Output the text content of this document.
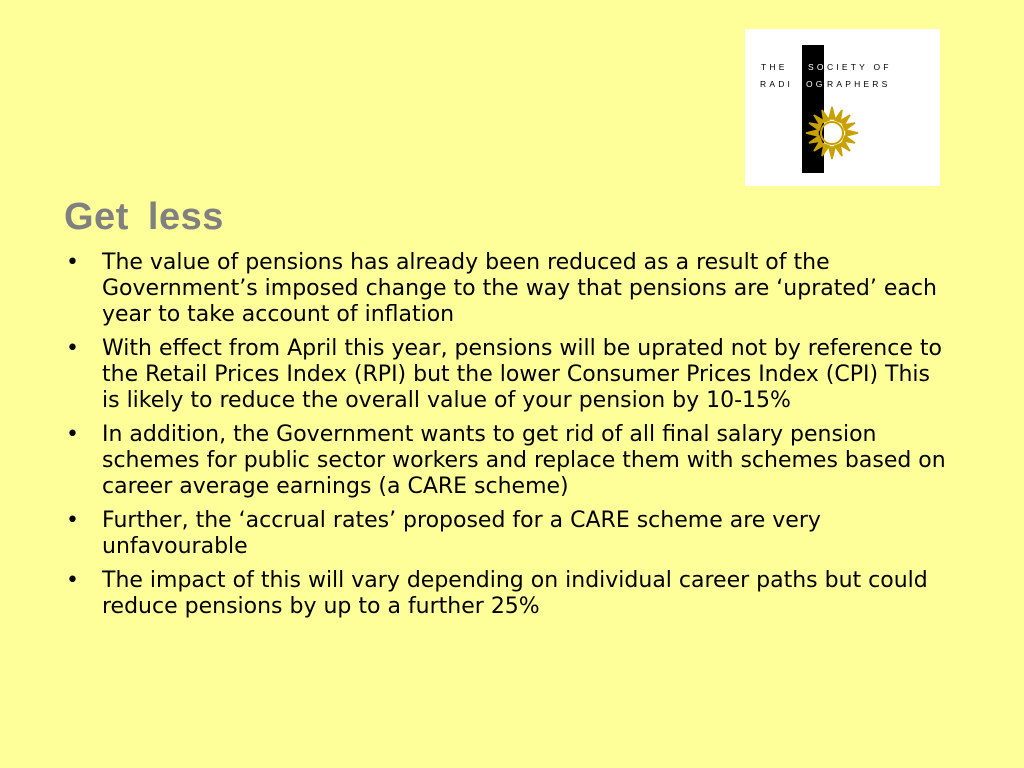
THE SO CIETY OF
RADI OG RAPHERS
Get less
• The value of pensions has already been reduced as a result of the Government’s imposed change to the way that pensions are ‘uprated’ each year to take account of inflation
• With effect from April this year, pensions will be uprated not by reference to the Retail Prices Index (RPI) but the lower Consumer Prices Index (CPI) This is likely to reduce the overall value of your pension by 10-15%
• In addition, the Government wants to get rid of all final salary pension schemes for public sector workers and replace them with schemes based on career average earnings (a CARE scheme)
• Further, the ‘accrual rates’ proposed for a CARE scheme are very unfavourable
• The impact of this will vary depending on individual career paths but could reduce pensions by up to a further 25%
